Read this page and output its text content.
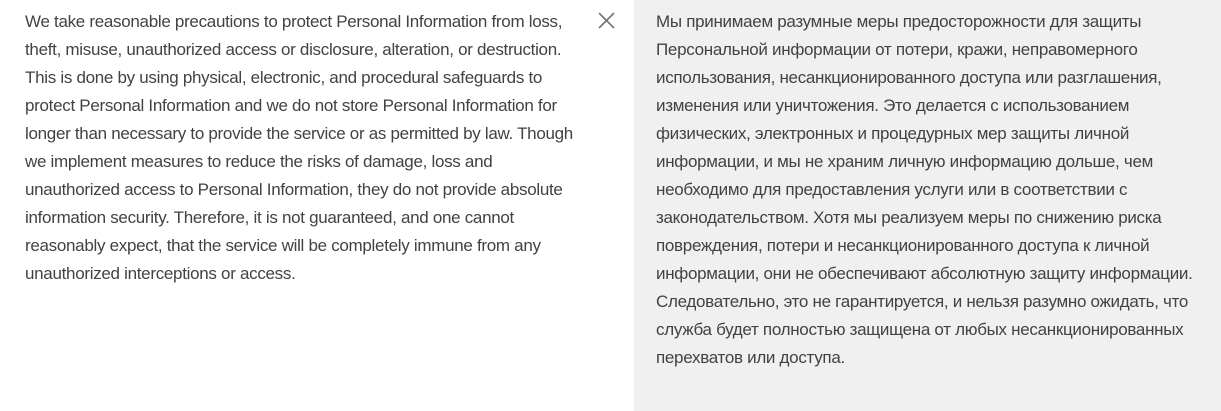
We take reasonable precautions to protect Personal Information from loss, theft, misuse, unauthorized access or disclosure, alteration, or destruction. This is done by using physical, electronic, and procedural safeguards to protect Personal Information and we do not store Personal Information for longer than necessary to provide the service or as permitted by law. Though we implement measures to reduce the risks of damage, loss and unauthorized access to Personal Information, they do not provide absolute information security. Therefore, it is not guaranteed, and one cannot reasonably expect, that the service will be completely immune from any unauthorized interceptions or access.

Мы принимаем разумные меры предосторожности для защиты Персональной информации от потери, кражи, неправомерного использования, несанкционированного доступа или разглашения, изменения или уничтожения. Это делается с использованием физических, электронных и процедурных мер защиты личной информации, и мы не храним личную информацию дольше, чем необходимо для предоставления услуги или в соответствии с законодательством. Хотя мы реализуем меры по снижению риска повреждения, потери и несанкционированного доступа к личной информации, они не обеспечивают абсолютную защиту информации. Следовательно, это не гарантируется, и нельзя разумно ожидать, что служба будет полностью защищена от любых несанкционированных перехватов или доступа.
